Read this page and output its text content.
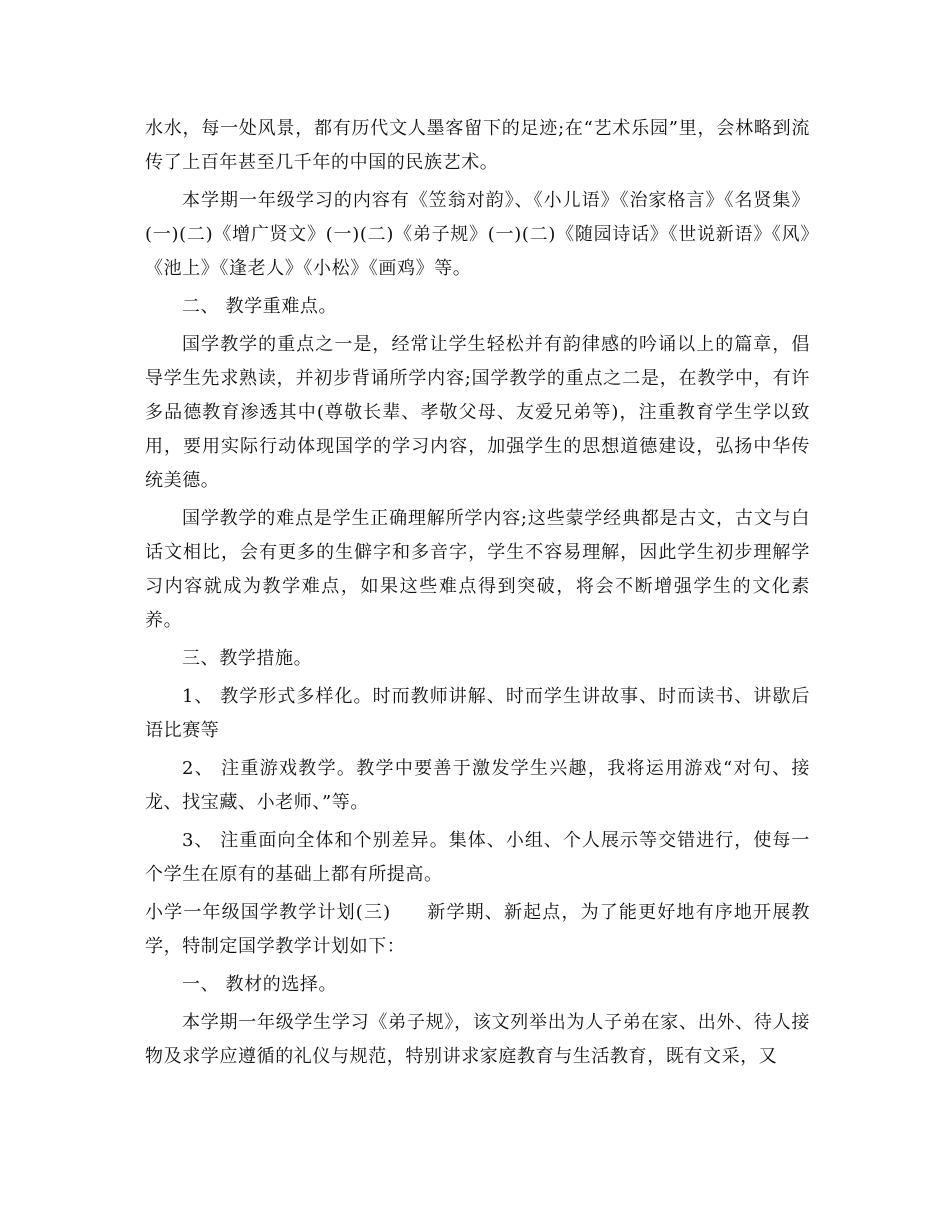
水水，每一处风景，都有历代文人墨客留下的足迹;在“艺术乐园”里，会林略到流传了上百年甚至几千年的中国的民族艺术。

本学期一年级学习的内容有《笠翁对韵》、《小儿语》《治家格言》《名贤集》(一)(二)《增广贤文》(一)(二)《弟子规》(一)(二)《随园诗话》《世说新语》《风》《池上》《逢老人》《小松》《画鸡》等。

二、 教学重难点。

国学教学的重点之一是，经常让学生轻松并有韵律感的吟诵以上的篇章，倡导学生先求熟读，并初步背诵所学内容;国学教学的重点之二是，在教学中，有许多品德教育渗透其中(尊敬长辈、孝敬父母、友爱兄弟等)，注重教育学生学以致用，要用实际行动体现国学的学习内容，加强学生的思想道德建设，弘扬中华传统美德。

国学教学的难点是学生正确理解所学内容;这些蒙学经典都是古文，古文与白话文相比，会有更多的生僻字和多音字，学生不容易理解，因此学生初步理解学习内容就成为教学难点，如果这些难点得到突破，将会不断增强学生的文化素养。

三、教学措施。

1、 教学形式多样化。时而教师讲解、时而学生讲故事、时而读书、讲歇后语比赛等

2、 注重游戏教学。教学中要善于激发学生兴趣，我将运用游戏“对句、接龙、找宝藏、小老师、”等。

3、 注重面向全体和个别差异。集体、小组、个人展示等交错进行，使每一个学生在原有的基础上都有所提高。

小学一年级国学教学计划(三) 新学期、新起点，为了能更好地有序地开展教学，特制定国学教学计划如下：

一、 教材的选择。

本学期一年级学生学习《弟子规》，该文列举出为人子弟在家、出外、待人接物及求学应遵循的礼仪与规范，特别讲求家庭教育与生活教育，既有文采，又
